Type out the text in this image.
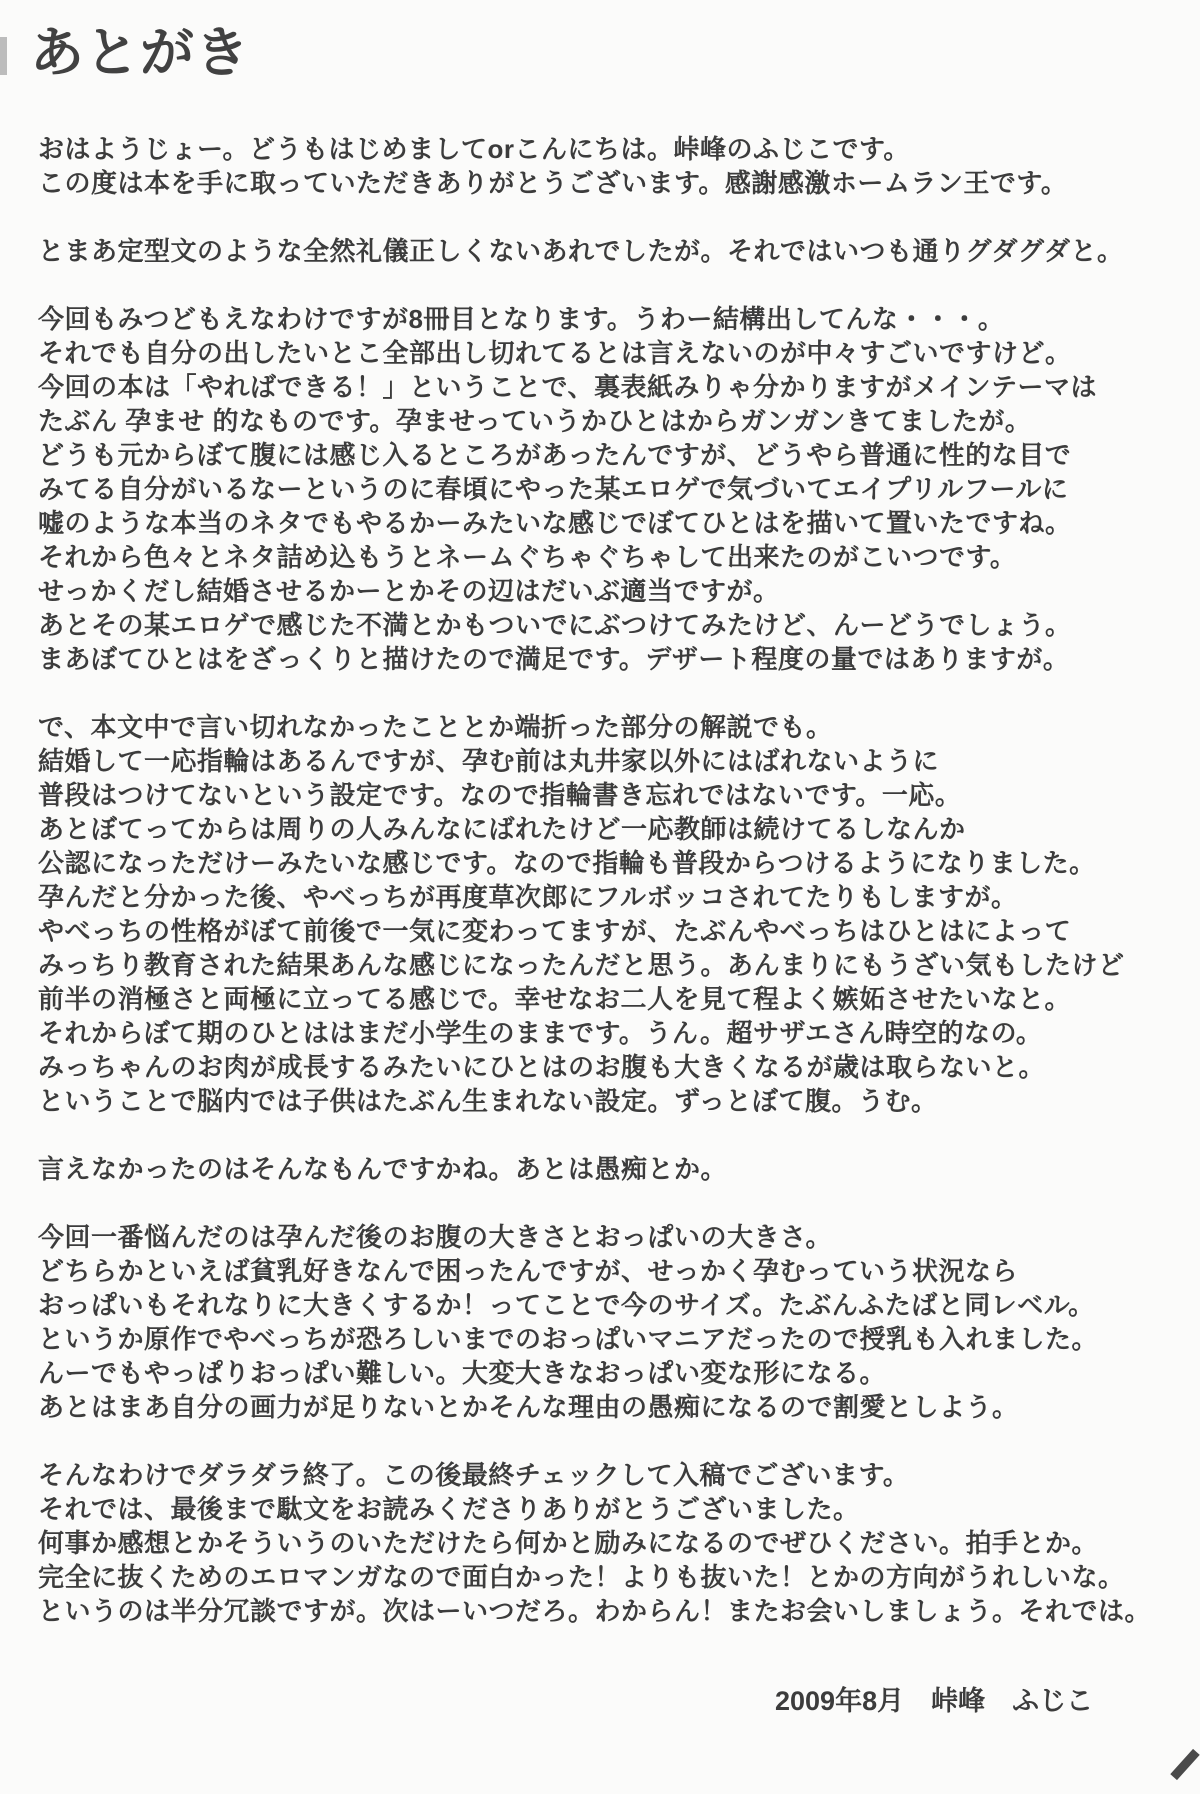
あとがき

おはようじょー。どうもはじめましてorこんにちは。峠峰のふじこです。
この度は本を手に取っていただきありがとうございます。感謝感激ホームラン王です。

とまあ定型文のような全然礼儀正しくないあれでしたが。それではいつも通りグダグダと。

今回もみつどもえなわけですが8冊目となります。うわー結構出してんな・・・。
それでも自分の出したいとこ全部出し切れてるとは言えないのが中々すごいですけど。
今回の本は「やればできる！」ということで、裏表紙みりゃ分かりますがメインテーマは
たぶん 孕ませ 的なものです。孕ませっていうかひとはからガンガンきてましたが。
どうも元からぼて腹には感じ入るところがあったんですが、どうやら普通に性的な目で
みてる自分がいるなーというのに春頃にやった某エロゲで気づいてエイプリルフールに
嘘のような本当のネタでもやるかーみたいな感じでぼてひとはを描いて置いたですね。
それから色々とネタ詰め込もうとネームぐちゃぐちゃして出来たのがこいつです。
せっかくだし結婚させるかーとかその辺はだいぶ適当ですが。
あとその某エロゲで感じた不満とかもついでにぶつけてみたけど、んーどうでしょう。
まあぼてひとはをざっくりと描けたので満足です。デザート程度の量ではありますが。

で、本文中で言い切れなかったこととか端折った部分の解説でも。
結婚して一応指輪はあるんですが、孕む前は丸井家以外にはばれないように
普段はつけてないという設定です。なので指輪書き忘れではないです。一応。
あとぼてってからは周りの人みんなにばれたけど一応教師は続けてるしなんか
公認になっただけーみたいな感じです。なので指輪も普段からつけるようになりました。
孕んだと分かった後、やべっちが再度草次郎にフルボッコされてたりもしますが。
やべっちの性格がぼて前後で一気に変わってますが、たぶんやべっちはひとはによって
みっちり教育された結果あんな感じになったんだと思う。あんまりにもうざい気もしたけど
前半の消極さと両極に立ってる感じで。幸せなお二人を見て程よく嫉妬させたいなと。
それからぼて期のひとははまだ小学生のままです。うん。超サザエさん時空的なの。
みっちゃんのお肉が成長するみたいにひとはのお腹も大きくなるが歳は取らないと。
ということで脳内では子供はたぶん生まれない設定。ずっとぼて腹。うむ。

言えなかったのはそんなもんですかね。あとは愚痴とか。

今回一番悩んだのは孕んだ後のお腹の大きさとおっぱいの大きさ。
どちらかといえば貧乳好きなんで困ったんですが、せっかく孕むっていう状況なら
おっぱいもそれなりに大きくするか！ってことで今のサイズ。たぶんふたばと同レベル。
というか原作でやべっちが恐ろしいまでのおっぱいマニアだったので授乳も入れました。
んーでもやっぱりおっぱい難しい。大変大きなおっぱい変な形になる。
あとはまあ自分の画力が足りないとかそんな理由の愚痴になるので割愛としよう。

そんなわけでダラダラ終了。この後最終チェックして入稿でございます。
それでは、最後まで駄文をお読みくださりありがとうございました。
何事か感想とかそういうのいただけたら何かと励みになるのでぜひください。拍手とか。
完全に抜くためのエロマンガなので面白かった！よりも抜いた！とかの方向がうれしいな。
というのは半分冗談ですが。次はーいつだろ。わからん！またお会いしましょう。それでは。

2009年8月　峠峰　ふじこ
